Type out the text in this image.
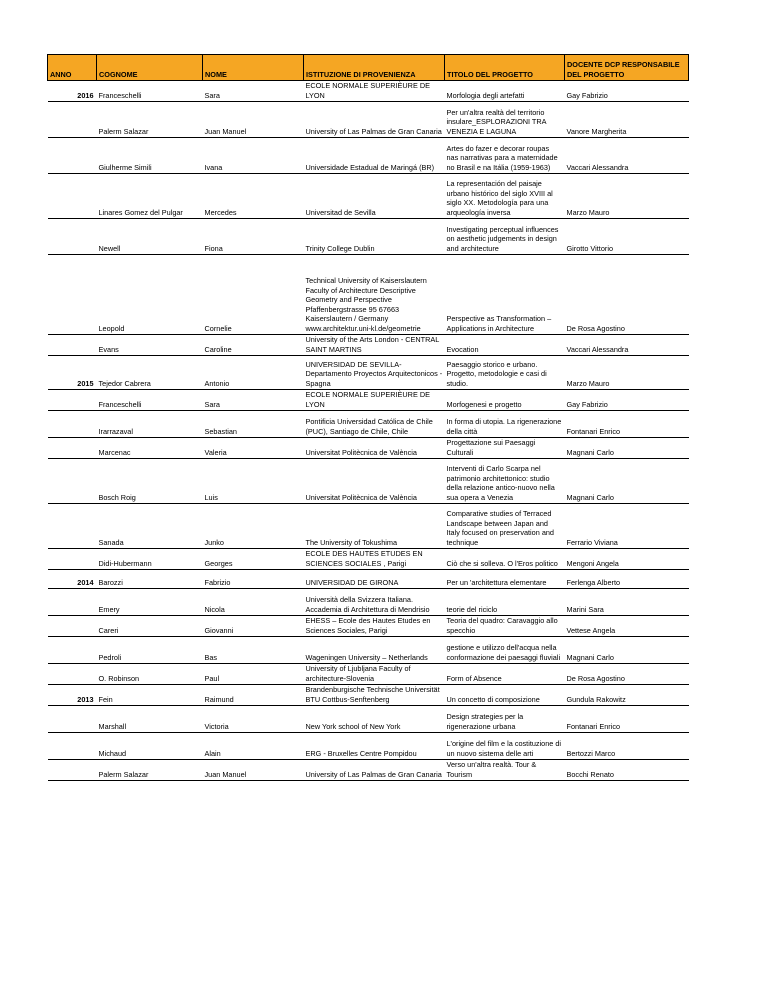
ANNO	COGNOME	NOME	ISTITUZIONE DI PROVENIENZA	TITOLO DEL PROGETTO	DOCENTE DCP RESPONSABILE DEL PROGETTO
2016	Franceschelli	Sara	ECOLE NORMALE SUPERIÈURE DE LYON	Morfologia degli artefatti	Gay Fabrizio
	Palerm Salazar	Juan Manuel	University of Las Palmas de Gran Canaria	Per un'altra realtà del territorio insulare_ESPLORAZIONI TRA VENEZIA E LAGUNA	Vanore Margherita
	Giulherme Simili	Ivana	Universidade Estadual de Maringá (BR)	Artes do fazer e decorar roupas nas narrativas para a maternidade no Brasil e na Itália (1959-1963)	Vaccari Alessandra
	Linares Gomez del Pulgar	Mercedes	Universitad de Sevilla	La representación del paisaje urbano histórico del siglo XVIII al siglo XX. Metodología para una arqueología inversa	Marzo Mauro
	Newell	Fiona	Trinity College Dublin	Investigating perceptual influences on aesthetic judgements in design and architecture	Girotto Vittorio
	Leopold	Cornelie	Technical University of Kaiserslautern Faculty of Architecture Descriptive Geometry and Perspective Pfaffenbergstrasse 95 67663 Kaiserslautern / Germany www.architektur.uni-kl.de/geometrie	Perspective as Transformation – Applications in Architecture	De Rosa Agostino
	Evans	Caroline	University of the Arts London - CENTRAL SAINT MARTINS	Evocation	Vaccari Alessandra
2015	Tejedor Cabrera	Antonio	UNIVERSIDAD DE SEVILLA-Departamento Proyectos Arquitectonicos - Spagna	Paesaggio storico e urbano. Progetto, metodologie e casi di studio.	Marzo Mauro
	Franceschelli	Sara	ECOLE NORMALE SUPERIÈURE DE LYON	Morfogenesi e progetto	Gay Fabrizio
	Irarrazaval	Sebastian	Pontificia Universidad Católica de Chile (PUC), Santiago de Chile, Chile	In forma di utopia. La rigenerazione della città	Fontanari Enrico
	Marcenac	Valeria	Universitat Politècnica de València	Progettazione sui Paesaggi Culturali	Magnani Carlo
	Bosch Roig	Luis	Universitat Politècnica de València	Interventi di Carlo Scarpa nel patrimonio architettonico: studio della relazione antico-nuovo nella sua opera a Venezia	Magnani Carlo
	Sanada	Junko	The University of Tokushima	Comparative studies of Terraced Landscape between Japan and Italy focused on preservation and technique	Ferrario Viviana
	Didi-Hubermann	Georges	ECOLE DES HAUTES ETUDES EN SCIENCES SOCIALES , Parigi	Ciò che si solleva. O l'Eros politico	Mengoni Angela
2014	Barozzi	Fabrizio	UNIVERSIDAD DE GIRONA	Per un 'architettura elementare	Ferlenga Alberto
	Emery	Nicola	Università della Svizzera Italiana. Accademia di Architettura di Mendrisio	teorie del riciclo	Marini Sara
	Careri	Giovanni	EHESS – Ecole des Hautes Etudes en Sciences Sociales, Parigi	Teoria del quadro: Caravaggio allo specchio	Vettese Angela
	Pedroli	Bas	Wageningen University – Netherlands	gestione e utilizzo dell'acqua nella conformazione dei paesaggi fluviali	Magnani Carlo
	O. Robinson	Paul	University of Ljubljana Faculty of architecture-Slovenia	Form of Absence	De Rosa Agostino
2013	Fein	Raimund	Brandenburgische Technische Universität BTU Cottbus-Senftenberg	Un concetto di composizione	Gundula Rakowitz
	Marshall	Victoria	New York school of New York	Design strategies per la rigenerazione urbana	Fontanari Enrico
	Michaud	Alain	ERG - Bruxelles Centre Pompidou	L'origine del film e la costituzione di un nuovo sistema delle arti	Bertozzi Marco
	Palerm Salazar	Juan Manuel	University of Las Palmas de Gran Canaria	Verso un'altra realtà. Tour & Tourism	Bocchi Renato
